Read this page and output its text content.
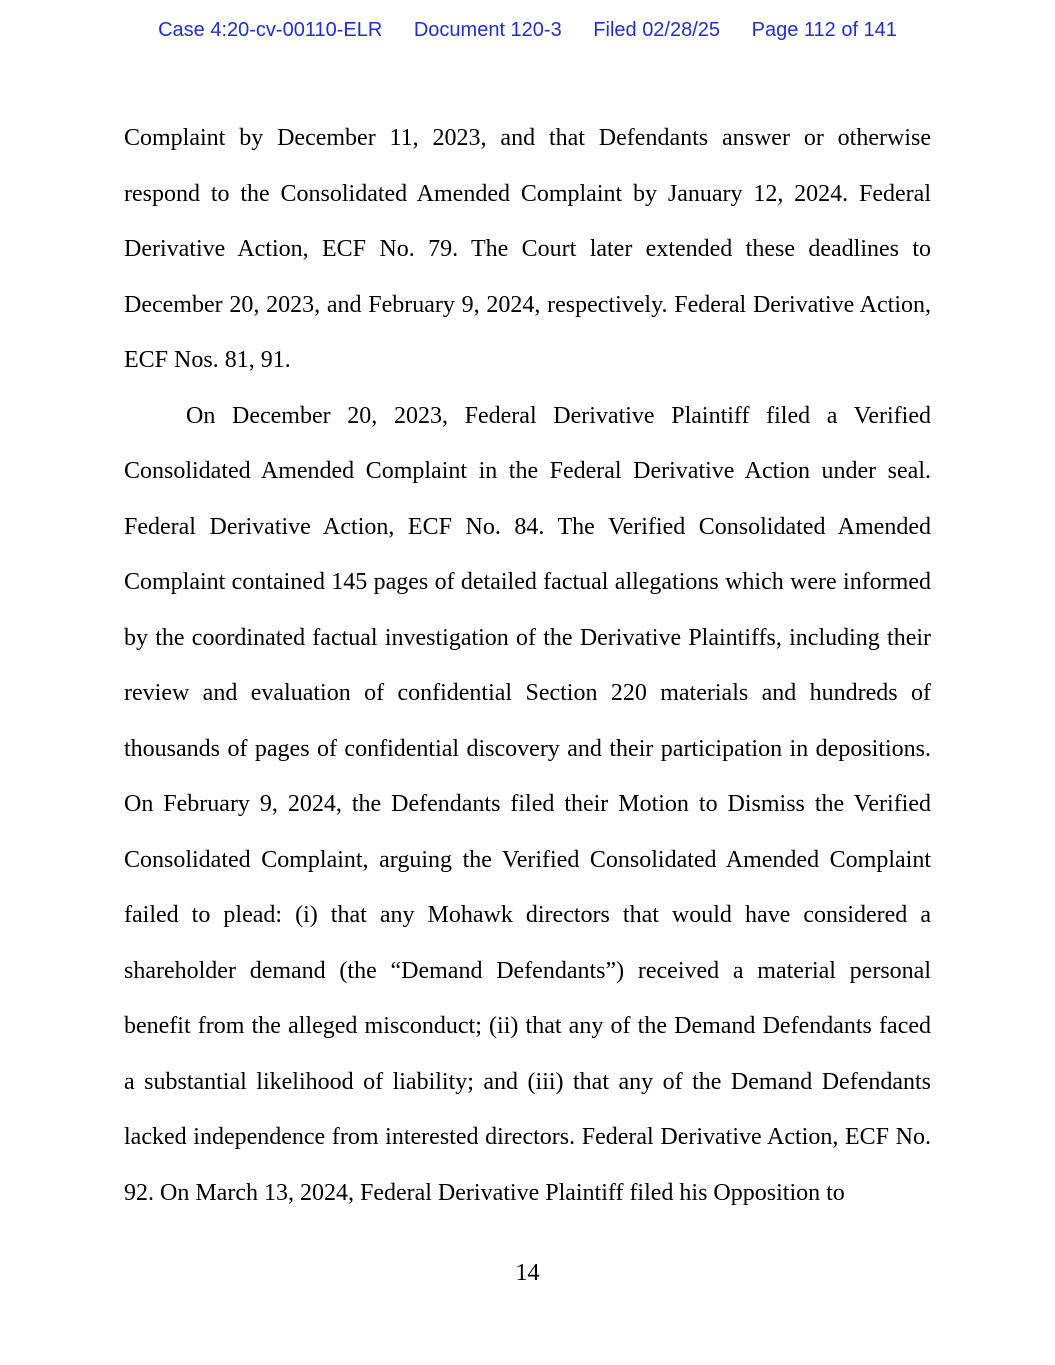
Case 4:20-cv-00110-ELR Document 120-3 Filed 02/28/25 Page 112 of 141

Complaint by December 11, 2023, and that Defendants answer or otherwise respond to the Consolidated Amended Complaint by January 12, 2024. Federal Derivative Action, ECF No. 79. The Court later extended these deadlines to December 20, 2023, and February 9, 2024, respectively. Federal Derivative Action, ECF Nos. 81, 91.

On December 20, 2023, Federal Derivative Plaintiff filed a Verified Consolidated Amended Complaint in the Federal Derivative Action under seal. Federal Derivative Action, ECF No. 84. The Verified Consolidated Amended Complaint contained 145 pages of detailed factual allegations which were informed by the coordinated factual investigation of the Derivative Plaintiffs, including their review and evaluation of confidential Section 220 materials and hundreds of thousands of pages of confidential discovery and their participation in depositions. On February 9, 2024, the Defendants filed their Motion to Dismiss the Verified Consolidated Complaint, arguing the Verified Consolidated Amended Complaint failed to plead: (i) that any Mohawk directors that would have considered a shareholder demand (the “Demand Defendants”) received a material personal benefit from the alleged misconduct; (ii) that any of the Demand Defendants faced a substantial likelihood of liability; and (iii) that any of the Demand Defendants lacked independence from interested directors. Federal Derivative Action, ECF No. 92. On March 13, 2024, Federal Derivative Plaintiff filed his Opposition to

14
